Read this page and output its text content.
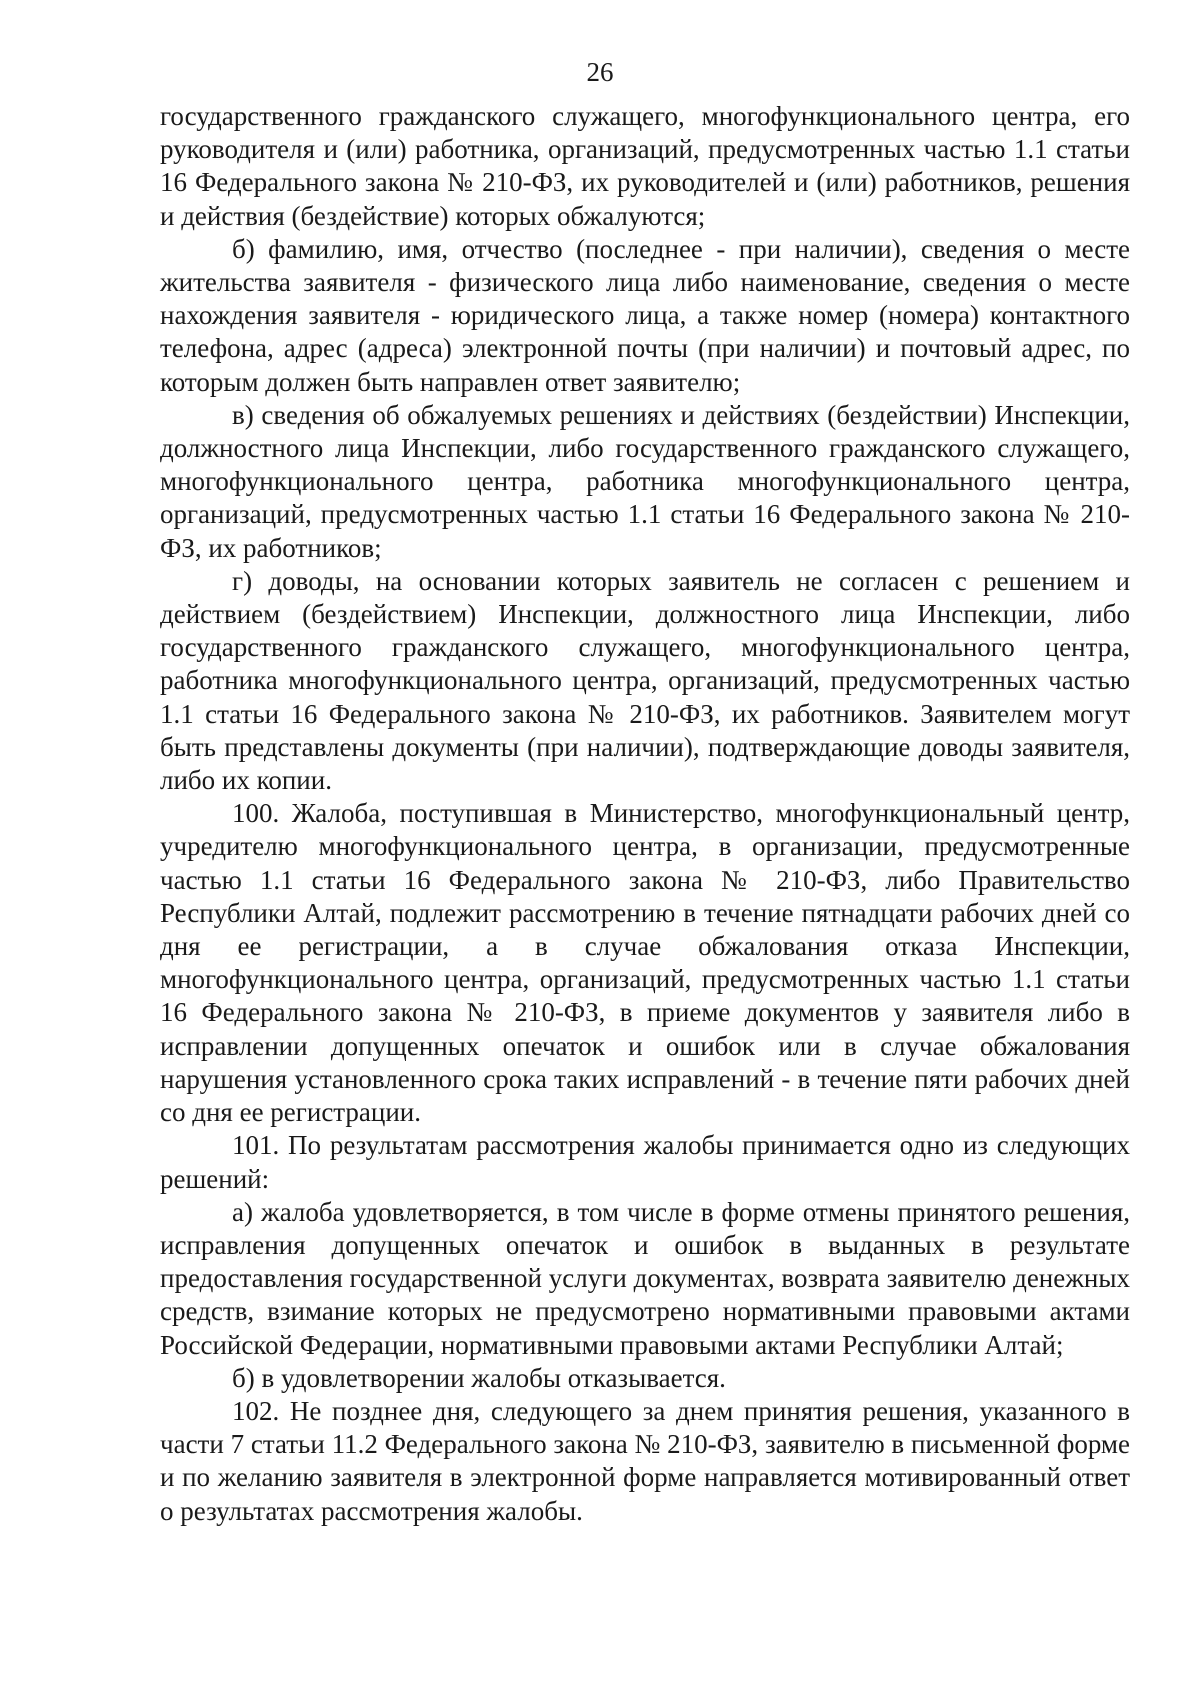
26

государственного гражданского служащего, многофункционального центра, его руководителя и (или) работника, организаций, предусмотренных частью 1.1 статьи 16 Федерального закона № 210-ФЗ, их руководителей и (или) работников, решения и действия (бездействие) которых обжалуются;

б) фамилию, имя, отчество (последнее - при наличии), сведения о месте жительства заявителя - физического лица либо наименование, сведения о месте нахождения заявителя - юридического лица, а также номер (номера) контактного телефона, адрес (адреса) электронной почты (при наличии) и почтовый адрес, по которым должен быть направлен ответ заявителю;

в) сведения об обжалуемых решениях и действиях (бездействии) Инспекции, должностного лица Инспекции, либо государственного гражданского служащего, многофункционального центра, работника многофункционального центра, организаций, предусмотренных частью 1.1 статьи 16 Федерального закона № 210-ФЗ, их работников;

г) доводы, на основании которых заявитель не согласен с решением и действием (бездействием) Инспекции, должностного лица Инспекции, либо государственного гражданского служащего, многофункционального центра, работника многофункционального центра, организаций, предусмотренных частью 1.1 статьи 16 Федерального закона № 210-ФЗ, их работников. Заявителем могут быть представлены документы (при наличии), подтверждающие доводы заявителя, либо их копии.

100. Жалоба, поступившая в Министерство, многофункциональный центр, учредителю многофункционального центра, в организации, предусмотренные частью 1.1 статьи 16 Федерального закона № 210-ФЗ, либо Правительство Республики Алтай, подлежит рассмотрению в течение пятнадцати рабочих дней со дня ее регистрации, а в случае обжалования отказа Инспекции, многофункционального центра, организаций, предусмотренных частью 1.1 статьи 16 Федерального закона № 210-ФЗ, в приеме документов у заявителя либо в исправлении допущенных опечаток и ошибок или в случае обжалования нарушения установленного срока таких исправлений - в течение пяти рабочих дней со дня ее регистрации.

101. По результатам рассмотрения жалобы принимается одно из следующих решений:

а) жалоба удовлетворяется, в том числе в форме отмены принятого решения, исправления допущенных опечаток и ошибок в выданных в результате предоставления государственной услуги документах, возврата заявителю денежных средств, взимание которых не предусмотрено нормативными правовыми актами Российской Федерации, нормативными правовыми актами Республики Алтай;

б) в удовлетворении жалобы отказывается.

102. Не позднее дня, следующего за днем принятия решения, указанного в части 7 статьи 11.2 Федерального закона № 210-ФЗ, заявителю в письменной форме и по желанию заявителя в электронной форме направляется мотивированный ответ о результатах рассмотрения жалобы.
